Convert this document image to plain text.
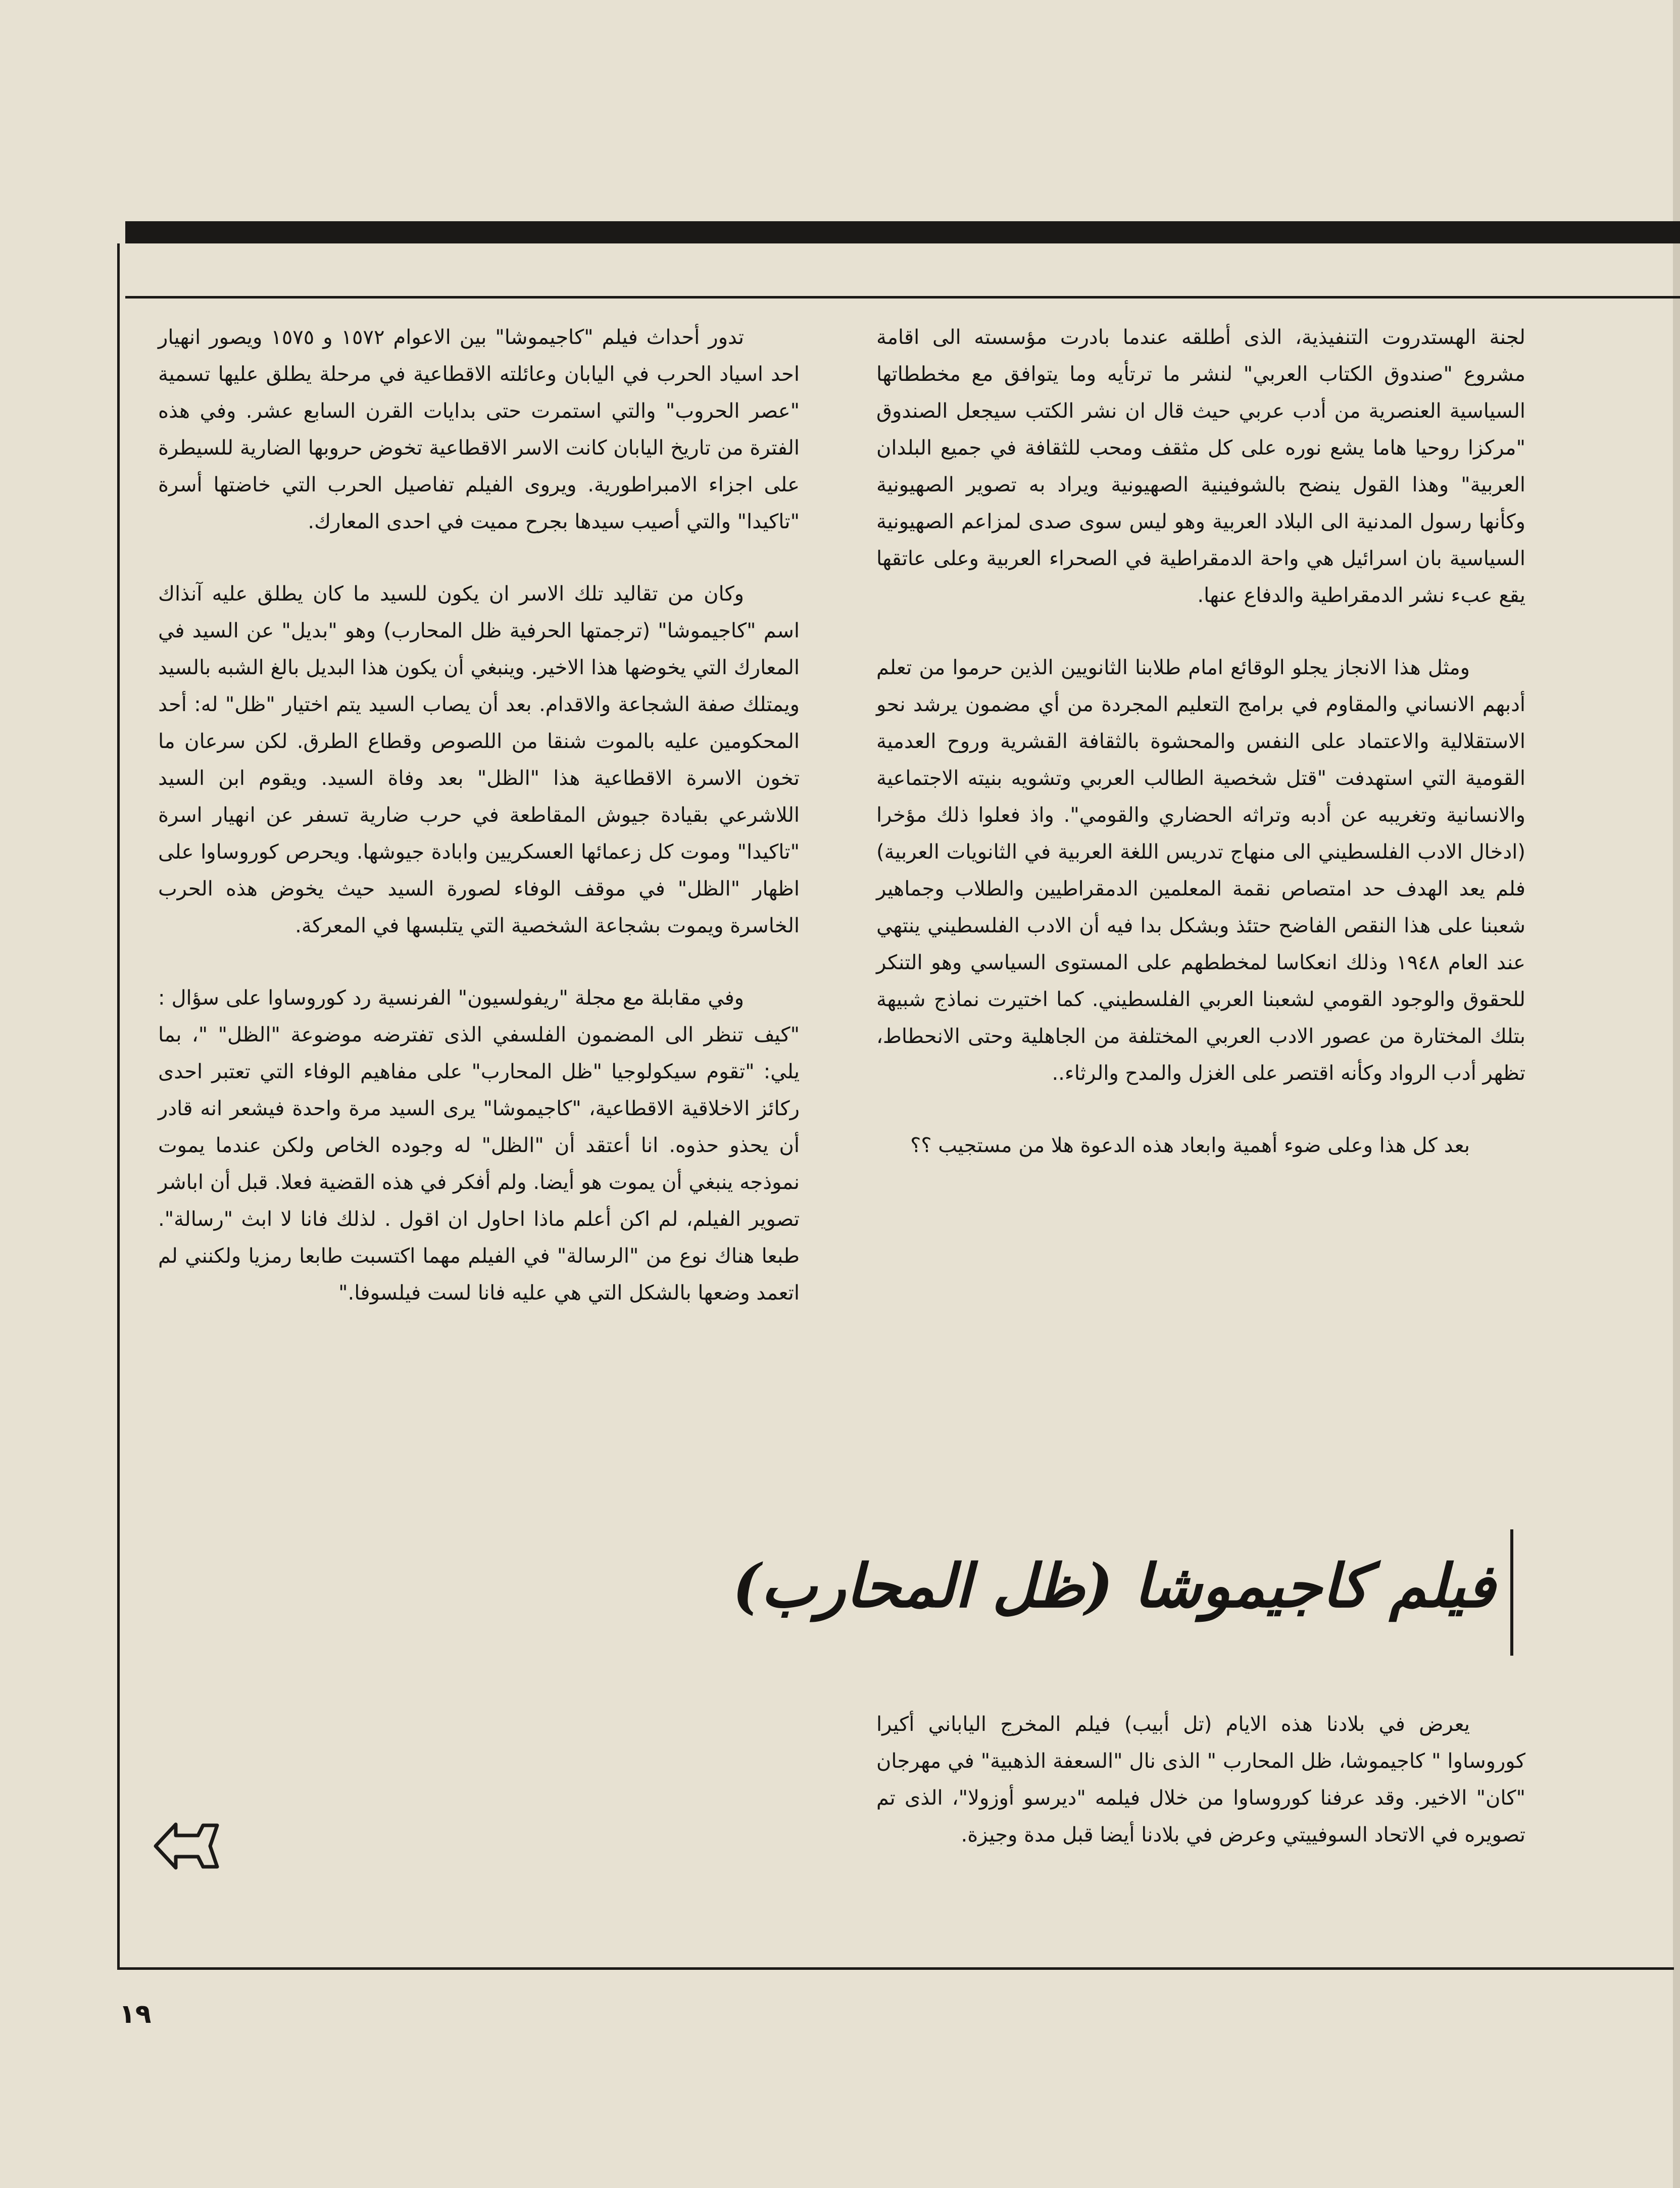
لجنة الهستدروت التنفيذية، الذى أطلقه عندما بادرت مؤسسته الى اقامة مشروع "صندوق الكتاب العربي" لنشر ما ترتأيه وما يتوافق مع مخططاتها السياسية العنصرية من أدب عربي حيث قال ان نشر الكتب سيجعل الصندوق "مركزا روحيا هاما يشع نوره على كل مثقف ومحب للثقافة في جميع البلدان العربية" وهذا القول ينضح بالشوفينية الصهيونية ويراد به تصوير الصهيونية وكأنها رسول المدنية الى البلاد العربية وهو ليس سوى صدى لمزاعم الصهيونية السياسية بان اسرائيل هي واحة الدمقراطية في الصحراء العربية وعلى عاتقها يقع عبء نشر الدمقراطية والدفاع عنها.

ومثل هذا الانجاز يجلو الوقائع امام طلابنا الثانويين الذين حرموا من تعلم أدبهم الانساني والمقاوم في برامج التعليم المجردة من أي مضمون يرشد نحو الاستقلالية والاعتماد على النفس والمحشوة بالثقافة القشرية وروح العدمية القومية التي استهدفت "قتل شخصية الطالب العربي وتشويه بنيته الاجتماعية والانسانية وتغريبه عن أدبه وتراثه الحضاري والقومي". واذ فعلوا ذلك مؤخرا (ادخال الادب الفلسطيني الى منهاج تدريس اللغة العربية في الثانويات العربية) فلم يعد الهدف حد امتصاص نقمة المعلمين الدمقراطيين والطلاب وجماهير شعبنا على هذا النقص الفاضح حتئذ وبشكل بدا فيه أن الادب الفلسطيني ينتهي عند العام ١٩٤٨ وذلك انعكاسا لمخططهم على المستوى السياسي وهو التنكر للحقوق والوجود القومي لشعبنا العربي الفلسطيني. كما اختيرت نماذج شبيهة بتلك المختارة من عصور الادب العربي المختلفة من الجاهلية وحتى الانحطاط، تظهر أدب الرواد وكأنه اقتصر على الغزل والمدح والرثاء..

بعد كل هذا وعلى ضوء أهمية وابعاد هذه الدعوة هلا من مستجيب ؟؟

فيلم كاجيموشا (ظل المحارب)

يعرض في بلادنا هذه الايام (تل أبيب) فيلم المخرج الياباني أكيرا كوروساوا " كاجيموشا، ظل المحارب " الذى نال "السعفة الذهبية" في مهرجان "كان" الاخير. وقد عرفنا كوروساوا من خلال فيلمه "ديرسو أوزولا"، الذى تم تصويره في الاتحاد السوفييتي وعرض في بلادنا أيضا قبل مدة وجيزة.

تدور أحداث فيلم "كاجيموشا" بين الاعوام ١٥٧٢ و ١٥٧٥ ويصور انهيار احد اسياد الحرب في اليابان وعائلته الاقطاعية في مرحلة يطلق عليها تسمية "عصر الحروب" والتي استمرت حتى بدايات القرن السابع عشر. وفي هذه الفترة من تاريخ اليابان كانت الاسر الاقطاعية تخوض حروبها الضارية للسيطرة على اجزاء الامبراطورية. ويروى الفيلم تفاصيل الحرب التي خاضتها أسرة "تاكيدا" والتي أصيب سيدها بجرح مميت في احدى المعارك.

وكان من تقاليد تلك الاسر ان يكون للسيد ما كان يطلق عليه آنذاك اسم "كاجيموشا" (ترجمتها الحرفية ظل المحارب) وهو "بديل" عن السيد في المعارك التي يخوضها هذا الاخير. وينبغي أن يكون هذا البديل بالغ الشبه بالسيد ويمتلك صفة الشجاعة والاقدام. بعد أن يصاب السيد يتم اختيار "ظل" له: أحد المحكومين عليه بالموت شنقا من اللصوص وقطاع الطرق. لكن سرعان ما تخون الاسرة الاقطاعية هذا "الظل" بعد وفاة السيد. ويقوم ابن السيد اللاشرعي بقيادة جيوش المقاطعة في حرب ضارية تسفر عن انهيار اسرة "تاكيدا" وموت كل زعمائها العسكريين وابادة جيوشها. ويحرص كوروساوا على اظهار "الظل" في موقف الوفاء لصورة السيد حيث يخوض هذه الحرب الخاسرة ويموت بشجاعة الشخصية التي يتلبسها في المعركة.

وفي مقابلة مع مجلة "ريفولسيون" الفرنسية رد كوروساوا على سؤال : "كيف تنظر الى المضمون الفلسفي الذى تفترضه موضوعة "الظل" "، بما يلي: "تقوم سيكولوجيا "ظل المحارب" على مفاهيم الوفاء التي تعتبر احدى ركائز الاخلاقية الاقطاعية، "كاجيموشا" يرى السيد مرة واحدة فيشعر انه قادر أن يحذو حذوه. انا أعتقد أن "الظل" له وجوده الخاص ولكن عندما يموت نموذجه ينبغي أن يموت هو أيضا. ولم أفكر في هذه القضية فعلا. قبل أن اباشر تصوير الفيلم، لم اكن أعلم ماذا احاول ان اقول . لذلك فانا لا ابث "رسالة". طبعا هناك نوع من "الرسالة" في الفيلم مهما اكتسبت طابعا رمزيا ولكنني لم اتعمد وضعها بالشكل التي هي عليه فانا لست فيلسوفا."

١٩
